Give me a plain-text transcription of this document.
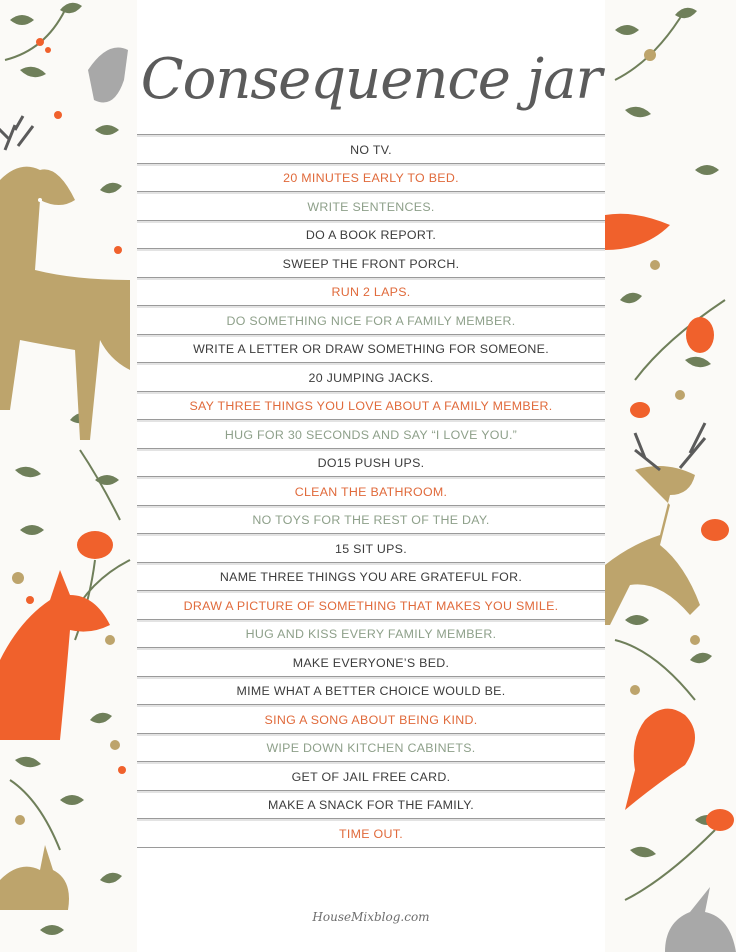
Consequence jar
NO TV.
20 MINUTES EARLY TO BED.
WRITE SENTENCES.
DO A BOOK REPORT.
SWEEP THE FRONT PORCH.
RUN 2 LAPS.
DO SOMETHING NICE FOR A FAMILY MEMBER.
WRITE A LETTER OR DRAW SOMETHING FOR SOMEONE.
20 JUMPING JACKS.
SAY THREE THINGS YOU LOVE ABOUT A FAMILY MEMBER.
HUG FOR 30 SECONDS AND SAY “I LOVE YOU.”
DO15 PUSH UPS.
CLEAN THE BATHROOM.
NO TOYS FOR THE REST OF THE DAY.
15 SIT UPS.
NAME THREE THINGS YOU ARE GRATEFUL FOR.
DRAW A PICTURE OF SOMETHING THAT MAKES YOU SMILE.
HUG AND KISS EVERY FAMILY MEMBER.
MAKE EVERYONE’S BED.
MIME WHAT A BETTER CHOICE WOULD BE.
SING A SONG ABOUT BEING KIND.
WIPE DOWN KITCHEN CABINETS.
GET OF JAIL FREE CARD.
MAKE A SNACK FOR THE FAMILY.
TIME OUT.
HouseMixblog.com
